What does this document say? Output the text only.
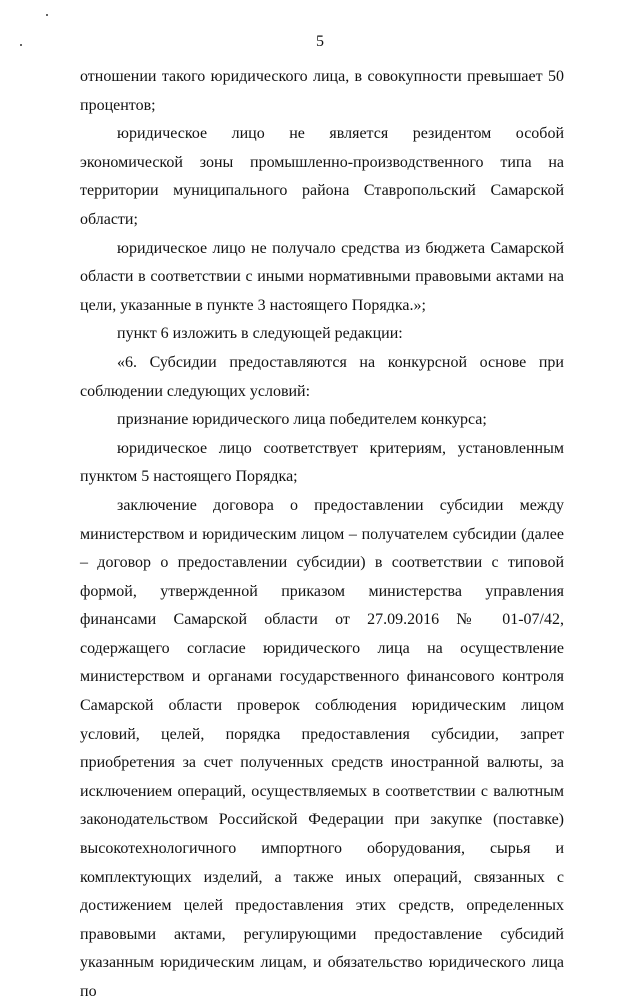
5

отношении такого юридического лица, в совокупности превышает 50 процентов;

юридическое лицо не является резидентом особой экономической зоны промышленно-производственного типа на территории муниципального района Ставропольский Самарской области;

юридическое лицо не получало средства из бюджета Самарской области в соответствии с иными нормативными правовыми актами на цели, указанные в пункте 3 настоящего Порядка.»;

пункт 6 изложить в следующей редакции:

«6. Субсидии предоставляются на конкурсной основе при соблюдении следующих условий:

признание юридического лица победителем конкурса;

юридическое лицо соответствует критериям, установленным пунктом 5 настоящего Порядка;

заключение договора о предоставлении субсидии между министерством и юридическим лицом – получателем субсидии (далее – договор о предоставлении субсидии) в соответствии с типовой формой, утвержденной приказом министерства управления финансами Самарской области от 27.09.2016 № 01-07/42, содержащего согласие юридического лица на осуществление министерством и органами государственного финансового контроля Самарской области проверок соблюдения юридическим лицом условий, целей, порядка предоставления субсидии, запрет приобретения за счет полученных средств иностранной валюты, за исключением операций, осуществляемых в соответствии с валютным законодательством Российской Федерации при закупке (поставке) высокотехнологичного импортного оборудования, сырья и комплектующих изделий, а также иных операций, связанных с достижением целей предоставления этих средств, определенных правовыми актами, регулирующими предоставление субсидий указанным юридическим лицам, и обязательство юридического лица по
